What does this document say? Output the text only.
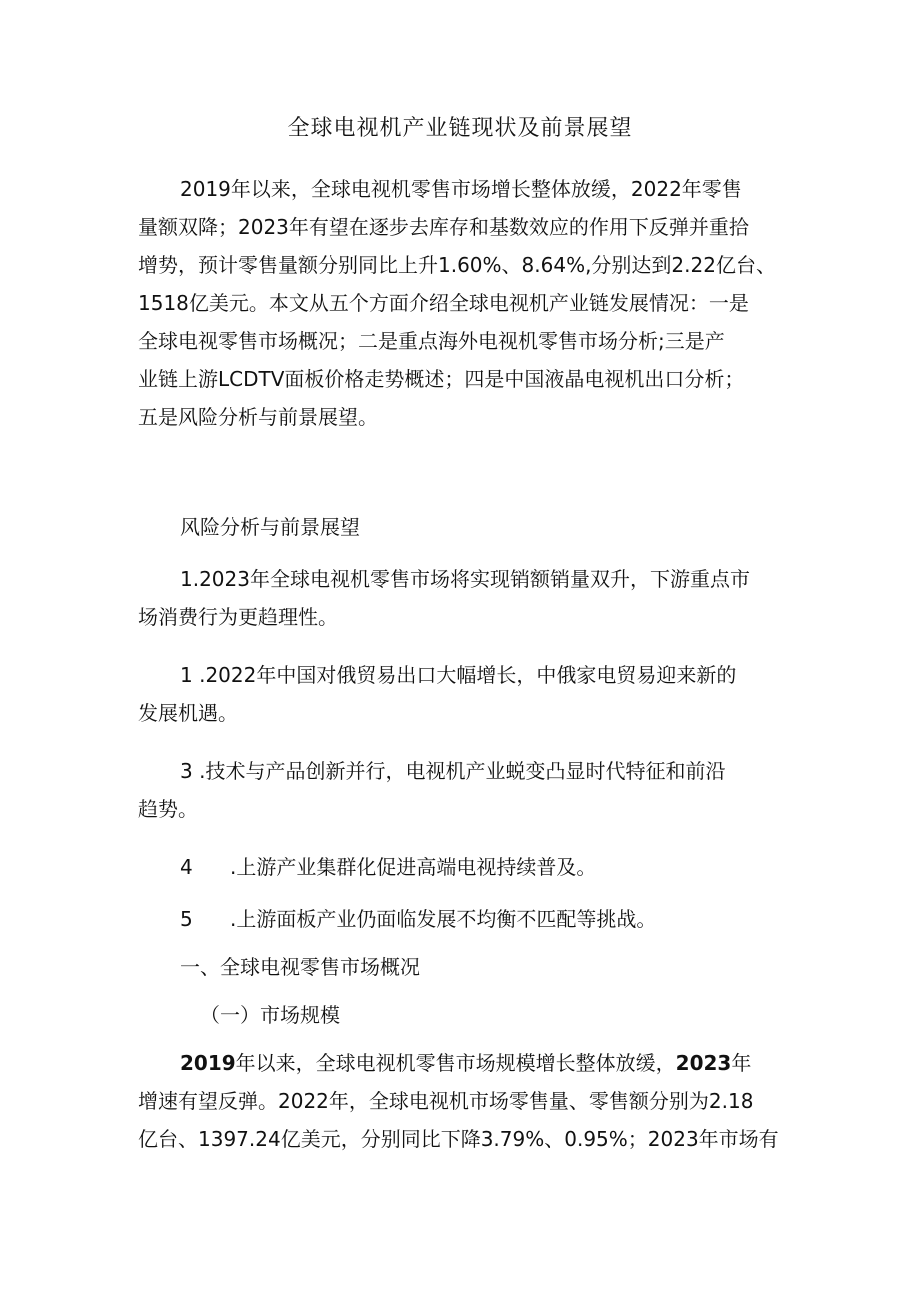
全球电视机产业链现状及前景展望
2019年以来，全球电视机零售市场增长整体放缓，2022年零售
量额双降；2023年有望在逐步去库存和基数效应的作用下反弹并重拾
增势，预计零售量额分别同比上升1.60%、8.64%,分别达到2.22亿台、
1518亿美元。本文从五个方面介绍全球电视机产业链发展情况：一是
全球电视零售市场概况；二是重点海外电视机零售市场分析;三是产
业链上游LCDTV面板价格走势概述；四是中国液晶电视机出口分析；
五是风险分析与前景展望。
风险分析与前景展望
1.2023年全球电视机零售市场将实现销额销量双升，下游重点市
场消费行为更趋理性。
1 .2022年中国对俄贸易出口大幅增长，中俄家电贸易迎来新的
发展机遇。
3 .技术与产品创新并行，电视机产业蜕变凸显时代特征和前沿
趋势。
4 .上游产业集群化促进高端电视持续普及。
5 .上游面板产业仍面临发展不均衡不匹配等挑战。
一、全球电视零售市场概况
（一）市场规模
2019年以来，全球电视机零售市场规模增长整体放缓，2023年
增速有望反弹。2022年，全球电视机市场零售量、零售额分别为2.18
亿台、1397.24亿美元，分别同比下降3.79%、0.95%；2023年市场有
